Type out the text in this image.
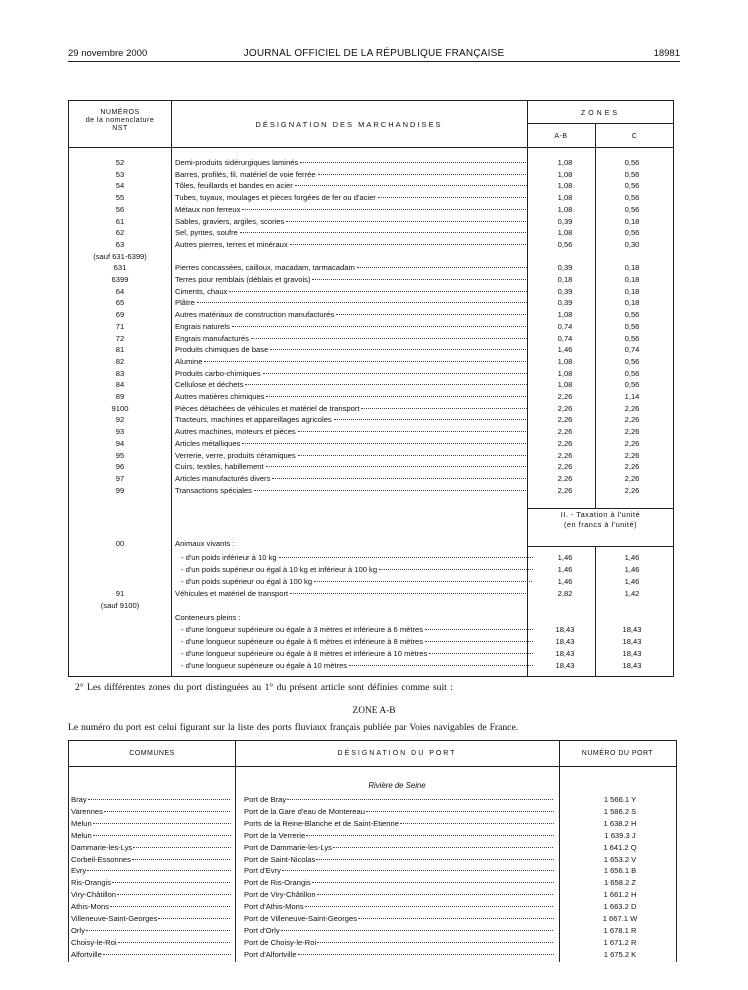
29 novembre 2000	JOURNAL OFFICIEL DE LA RÉPUBLIQUE FRANÇAISE	18981
NUMÉROS
de la nomenclature
NST	DÉSIGNATION DES MARCHANDISES
ZONES
A-B	C
52	Demi-produits sidérurgiques laminés	1,08	0,56
53	Barres, profilés, fil, matériel de voie ferrée	1,08	0,56
54	Tôles, feuillards et bandes en acier	1,08	0,56
55	Tubes, tuyaux, moulages et pièces forgées de fer ou d'acier	1,08	0,56
56	Métaux non ferreux	1,08	0,56
61	Sables, graviers, argiles, scories	0,39	0,18
62	Sel, pyrites, soufre	1,08	0,56
63	Autres pierres, terres et minéraux	0,56	0,30
(sauf 631-6399)
631	Pierres concassées, cailloux, macadam, tarmacadam	0,39	0,18
6399	Terres pour remblais (déblais et gravois)	0,18	0,18
64	Ciments, chaux	0,39	0,18
65	Plâtre	0,39	0,18
69	Autres matériaux de construction manufacturés	1,08	0,56
71	Engrais naturels	0,74	0,56
72	Engrais manufacturés	0,74	0,56
81	Produits chimiques de base	1,46	0,74
82	Alumine	1,08	0,56
83	Produits carbo-chimiques	1,08	0,56
84	Cellulose et déchets	1,08	0,56
89	Autres matières chimiques	2,26	1,14
9100	Pièces détachées de véhicules et matériel de transport	2,26	2,26
92	Tracteurs, machines et appareillages agricoles	2,26	2,26
93	Autres machines, moteurs et pièces	2,26	2,26
94	Articles métalliques	2,26	2,26
95	Verrerie, verre, produits céramiques	2,26	2,26
96	Cuirs, textiles, habillement	2,26	2,26
97	Articles manufacturés divers	2,26	2,26
99	Transactions spéciales	2,26	2,26
II. - Taxation à l'unité
(en francs à l'unité)
00	Animaux vivants :
- d'un poids inférieur à 10 kg	1,46	1,46
- d'un poids supérieur ou égal à 10 kg et inférieur à 100 kg	1,46	1,46
- d'un poids supérieur ou égal à 100 kg	1,46	1,46
91	Véhicules et matériel de transport	2,82	1,42
(sauf 9100)
Conteneurs pleins :
- d'une longueur supérieure ou égale à 3 mètres et inférieure à 6 mètres	18,43	18,43
- d'une longueur supérieure ou égale à 6 mètres et inférieure à 8 mètres	18,43	18,43
- d'une longueur supérieure ou égale à 8 mètres et inférieure à 10 mètres	18,43	18,43
- d'une longueur supérieure ou égale à 10 mètres	18,43	18,43
2° Les différentes zones du port distinguées au 1° du présent article sont définies comme suit :
ZONE A-B
Le numéro du port est celui figurant sur la liste des ports fluviaux français publiée par Voies navigables de France.
COMMUNES	DÉSIGNATION DU PORT	NUMÉRO DU PORT
Rivière de Seine
Bray	Port de Bray	1 566.1 Y
Varennes	Port de la Gare d'eau de Montereau	1 586.2 S
Melun	Ports de la Reine-Blanche et de Saint-Etienne	1 638.2 H
Melun	Port de la Verrerie	1 639.3 J
Dammarie-les-Lys	Port de Dammarie-les-Lys	1 641.2 Q
Corbeil-Essonnes	Port de Saint-Nicolas	1 653.2 V
Evry	Port d'Evry	1 656.1 B
Ris-Orangis	Port de Ris-Orangis	1 658.2 Z
Viry-Châtillon	Port de Viry-Châtillon	1 661.2 H
Athis-Mons	Port d'Athis-Mons	1 663.2 D
Villeneuve-Saint-Georges	Port de Villeneuve-Saint-Georges	1 667.1 W
Orly	Port d'Orly	1 678.1 R
Choisy-le-Roi	Port de Choisy-le-Roi	1 671.2 R
Alfortville	Port d'Alfortville	1 675.2 K
